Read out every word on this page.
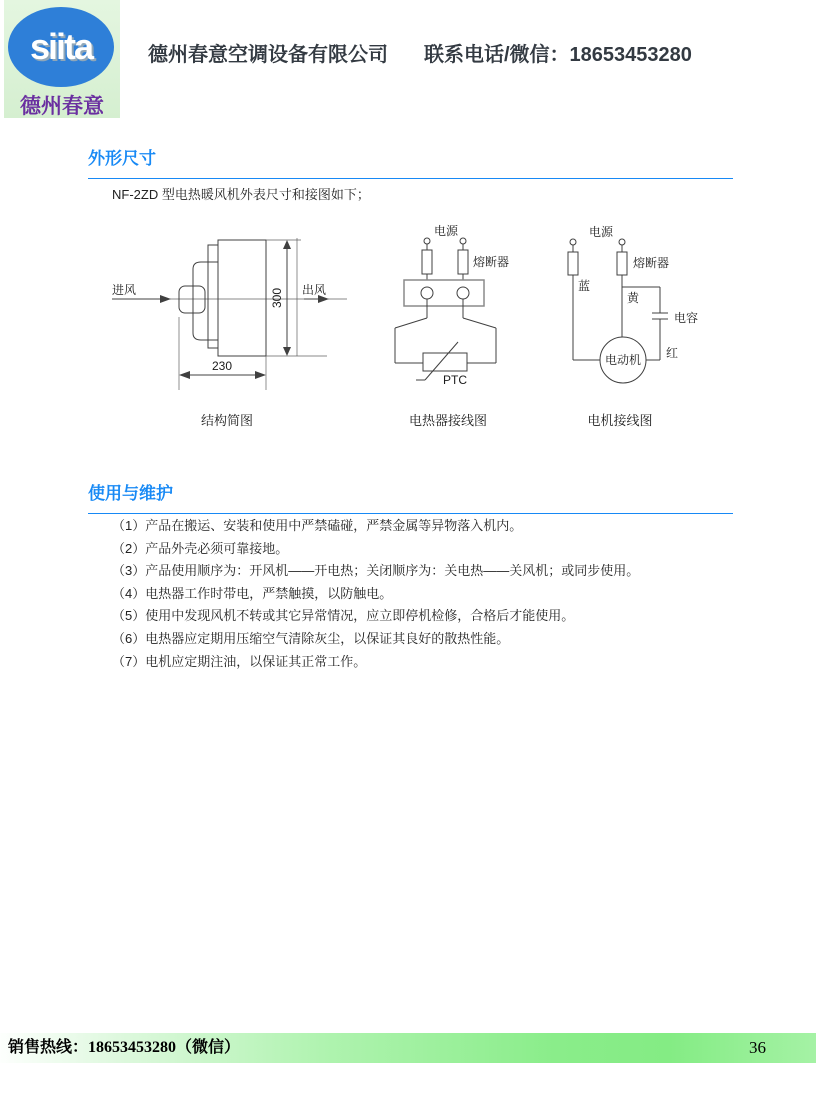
siita
德州春意
德州春意空调设备有限公司 联系电话/微信：18653453280
外形尺寸
NF-2ZD 型电热暖风机外表尺寸和接图如下；
进风	出风
300
230
电源
熔断器
PTC
电源
熔断器
蓝
黄
电容
红
电动机
结构简图	电热器接线图	电机接线图
使用与维护
（1）产品在搬运、安装和使用中严禁磕碰，严禁金属等异物落入机内。
（2）产品外壳必须可靠接地。
（3）产品使用顺序为：开风机——开电热；关闭顺序为：关电热——关风机；或同步使用。
（4）电热器工作时带电，严禁触摸，以防触电。
（5）使用中发现风机不转或其它异常情况，应立即停机检修，合格后才能使用。
（6）电热器应定期用压缩空气清除灰尘，以保证其良好的散热性能。
（7）电机应定期注油，以保证其正常工作。
销售热线：18653453280（微信）	36
